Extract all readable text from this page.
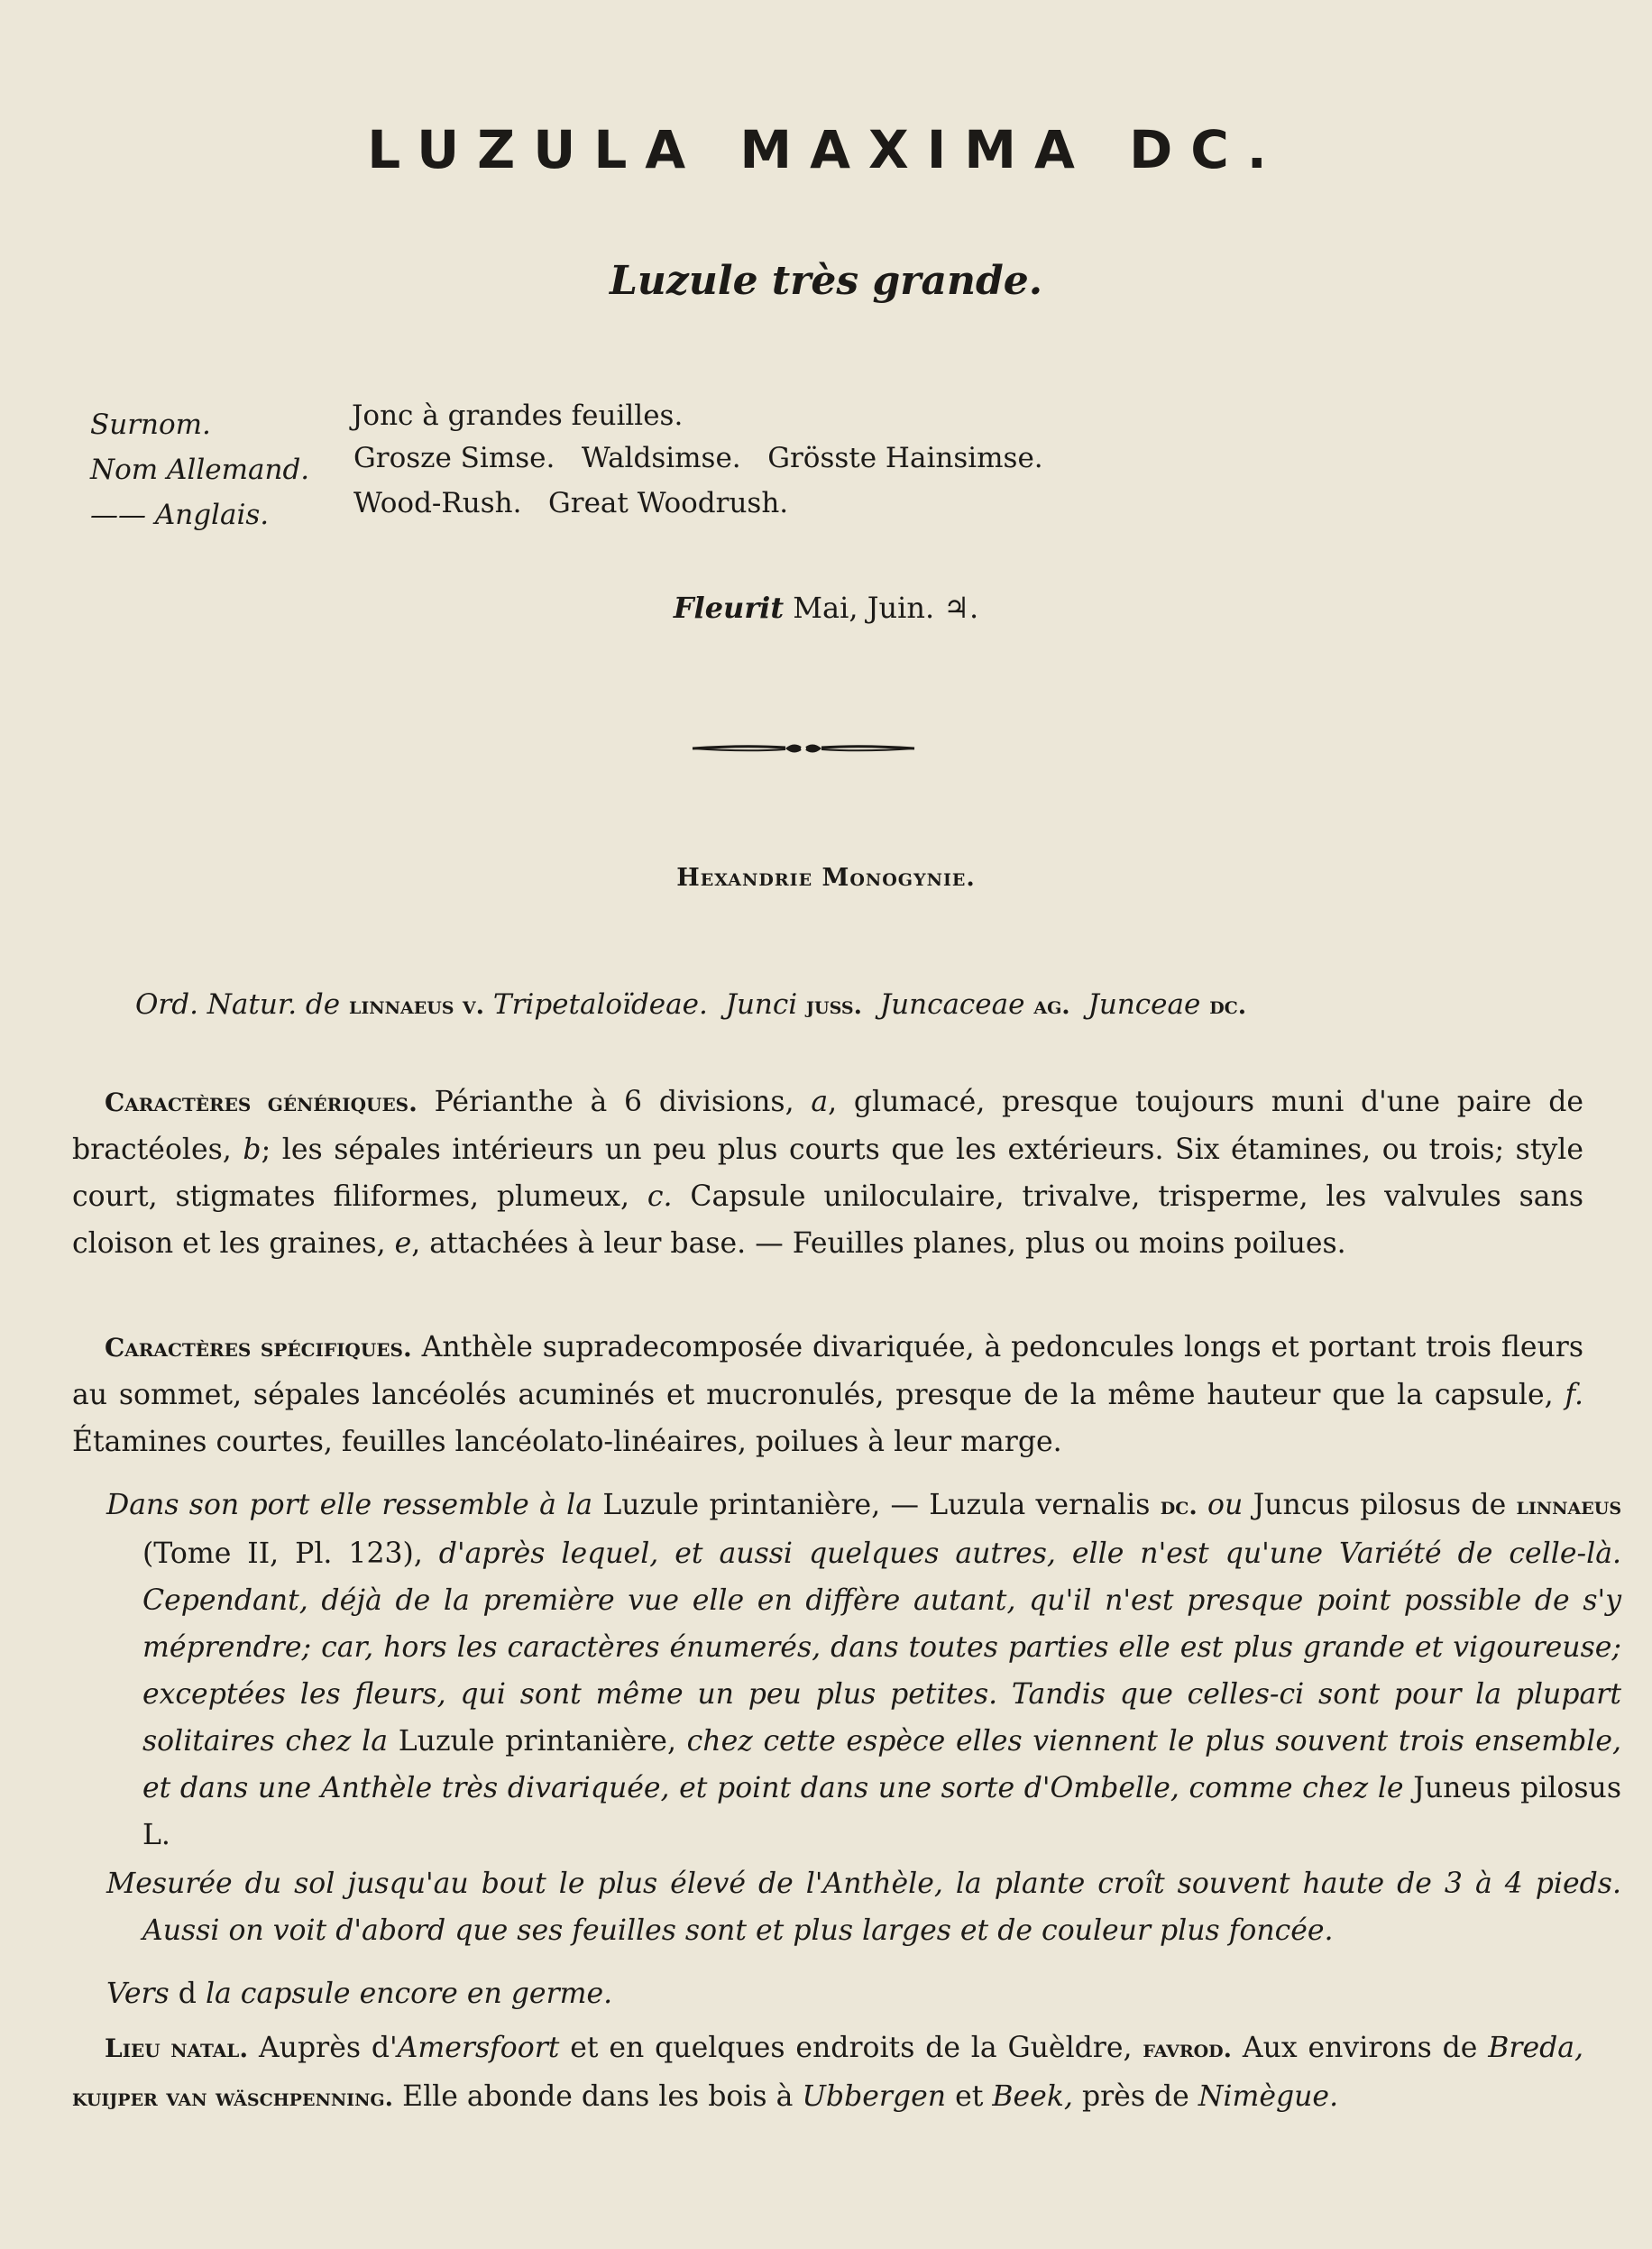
LUZULA MAXIMA DC.
Luzule très grande.
Surnom.	Jonc à grandes feuilles.
Nom Allemand. Grosze Simse.   Waldsimse.   Grösste Hainsimse.
—— Anglais.	Wood-Rush.   Great Woodrush.
Fleurit Mai, Juin. ♃.
Hexandrie Monogynie.
Ord. Natur. de linnaeus v. Tripetaloïdeae. Junci juss. Juncaceae ag. Junceae dc.
Caractères génériques. Périanthe à 6 divisions, a, glumacé, presque toujours muni d'une paire de bractéoles, b; les sépales intérieurs un peu plus courts que les extérieurs. Six étamines, ou trois; style court, stigmates filiformes, plumeux, c. Capsule uniloculaire, trivalve, trisperme, les valvules sans cloison et les graines, e, attachées à leur base. — Feuilles planes, plus ou moins poilues.
Caractères spécifiques. Anthèle supradecomposée divariquée, à pedoncules longs et portant trois fleurs au sommet, sépales lancéolés acuminés et mucronulés, presque de la même hauteur que la capsule, f. Étamines courtes, feuilles lancéolato-linéaires, poilues à leur marge.
Dans son port elle ressemble à la Luzule printanière, — Luzula vernalis dc. ou Juncus pilosus de linnaeus (Tome II, Pl. 123), d'après lequel, et aussi quelques autres, elle n'est qu'une Variété de celle-là. Cependant, déjà de la première vue elle en diffère autant, qu'il n'est presque point possible de s'y méprendre; car, hors les caractères énumerés, dans toutes parties elle est plus grande et vigoureuse; exceptées les fleurs, qui sont même un peu plus petites. Tandis que celles-ci sont pour la plupart solitaires chez la Luzule printanière, chez cette espèce elles viennent le plus souvent trois ensemble, et dans une Anthèle très divariquée, et point dans une sorte d'Ombelle, comme chez le Juneus pilosus L.
Mesurée du sol jusqu'au bout le plus élevé de l'Anthèle, la plante croît souvent haute de 3 à 4 pieds. Aussi on voit d'abord que ses feuilles sont et plus larges et de couleur plus foncée.
Vers d la capsule encore en germe.
Lieu natal. Auprès d'Amersfoort et en quelques endroits de la Guèldre, favrod. Aux environs de Breda, kuijper van wäschpenning. Elle abonde dans les bois à Ubbergen et Beek, près de Nimègue.
